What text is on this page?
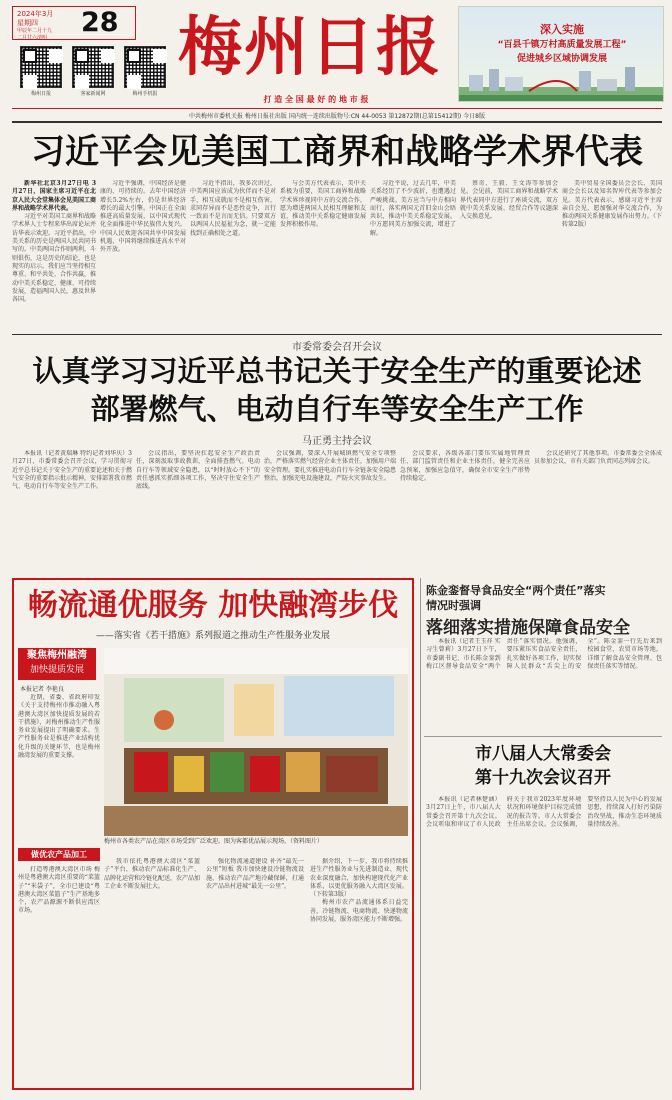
2024年3月
星期四
甲辰年二月十九
二月廿六清明 28
梅州日报	客家新闻网	梅州手机报
梅州日报
打 造 全 国 最 好 的 地 市 报
深入实施
“百县千镇万村高质量发展工程”
促进城乡区域协调发展
中共梅州市委机关报 梅州日报社出版 国内统一连续出版物号:CN 44-0053 第12872期(总第15412期) 今日8版
习近平会见美国工商界和战略学术界代表

新华社北京3月27日电 3月27日，国家主席习近平在北京人民大会堂集体会见美国工商界和战略学术界代表。

习近平对美国工商界和战略学术界人士专程来华出席论坛并访华表示欢迎。习近平指出，中美关系的历史是两国人民共同书写的。中美两国合作则两利，斗则俱伤，这是历史的结论，也是现实的启示。我们应当坚持相互尊重、和平共处、合作共赢，推动中美关系稳定、健康、可持续发展，造福两国人民，惠及世界各国。

习近平强调，中国经济是健康的、可持续的。去年中国经济增长5.2%左右，仍是世界经济增长的最大引擎。中国正在全面推进高质量发展，以中国式现代化全面推进中华民族伟大复兴。中国人民欢迎各国共享中国发展机遇，中国将继续推进高水平对外开放。

习近平指出，我多次讲过，中美两国应该成为伙伴而不是对手，相互成就而不是相互伤害，求同存异而不是恶性竞争，言行一致而不是言而无信。只要双方以两国人民福祉为念，就一定能找到正确相处之道。

与会美方代表表示，美中关系极为重要，美国工商界和战略学术界珍视同中方的交流合作，愿为增进两国人民相互理解和友谊、推动美中关系稳定健康发展发挥积极作用。

习近平说，过去几年，中美关系经历了不少波折，也遭遇过严峻挑战。美方应当与中方相向而行，落实两国元首旧金山会晤共识，推动中美关系稳定发展。中方愿同美方加强交流，增进了解。

蔡奇、王毅、王文涛等参加会见。会见前，美国工商界和战略学术界代表同中方进行了座谈交流，双方就中美关系发展、经贸合作等议题深入交换意见。

美中贸易全国委员会会长、美国商会会长以及知名智库代表等参加会见。美方代表表示，感谢习近平主席亲自会见，愿加强对华交流合作，为推动两国关系健康发展作出努力。（下转第2版）

市委常委会召开会议
认真学习习近平总书记关于安全生产的重要论述
部署燃气、电动自行车等安全生产工作
马正勇主持会议

本报讯（记者黄瑞琳 特约记者刘华庆）3月27日，市委常委会召开会议，学习贯彻习近平总书记关于安全生产的重要论述和关于燃气安全的重要指示批示精神，安排部署我市燃气、电动自行车等安全生产工作。

会议指出，要坚决扛起安全生产政治责任，深刻汲取事故教训，全面排查燃气、电动自行车等领域安全隐患，以“时时放心不下”的责任感抓实抓细各项工作，坚决守住安全生产底线。

会议强调，要深入开展城镇燃气安全专项整治，严格落实燃气经营企业主体责任，加强用户端安全管理。要扎实推进电动自行车全链条安全隐患整治，加强充电设施建设，严防火灾事故发生。

会议要求，各级各部门要压实属地管理责任、部门监管责任和企业主体责任，健全完善应急预案，加强应急值守，确保全市安全生产形势持续稳定。

会议还研究了其他事项。市委常委会全体成员参加会议，市有关部门负责同志列席会议。

畅流通优服务 加快融湾步伐
——落实省《若干措施》系列报道之推动生产性服务业发展
聚焦梅州融湾
加快提质发展
本报记者 李艳良

近期，省委、省政府印发《关于支持梅州市推动融入粤港澳大湾区加快提质发展的若干措施》，对梅州推动生产性服务业发展提出了明确要求。生产性服务业是推进产业结构优化升级的关键环节，也是梅州融湾发展的重要支撑。

做优农产品加工

打造粤港澳大湾区市场 梅州是粤港澳大湾区重要的“菜篮子”“米袋子”，全市已建设“粤港澳大湾区菜篮子”生产基地多个，农产品源源不断供应湾区市场。

梅州市各类农产品在湾区市场受到广泛欢迎。图为客都优品展示现场。（资料图片）

我市依托粤港澳大湾区“菜篮子”平台，推动农产品标准化生产、品牌化运营和冷链化配送，农产品加工企业不断发展壮大。

强化物流通道建设 补齐“最先一公里”短板 我市加快建设冷链物流设施，推动农产品产地冷藏保鲜，打通农产品出村进城“最先一公里”。

据介绍，下一步，我市将持续推进生产性服务业与先进制造业、现代农业深度融合，加快构建现代化产业体系，以更优服务融入大湾区发展。（下转第3版）

梅州市农产品流通体系日益完善，冷链物流、电商物流、快递物流协同发展，服务湾区能力不断增强。

陈金銮督导食品安全“两个责任”落实
情况时强调
落细落实措施保障食品安全

本报讯（记者王玉祥 实习生曾莉）3月27日下午，市委副书记、市长陈金銮到梅江区督导食品安全“两个责任”落实情况。他强调，要压紧压实食品安全责任，扎实做好各项工作，切实保障人民群众“舌尖上的安全”。陈金銮一行先后来到校园食堂、农贸市场等地，详细了解食品安全管理、包保责任落实等情况。

市八届人大常委会
第十九次会议召开

本报讯（记者林楚涵）3月27日上午，市八届人大常委会召开第十九次会议。会议听取和审议了市人民政府关于我市2023年度环境状况和环境保护目标完成情况的报告等。市人大常委会主任出席会议。会议强调，要坚持以人民为中心的发展思想，持续深入打好污染防治攻坚战，推动生态环境质量持续改善。
